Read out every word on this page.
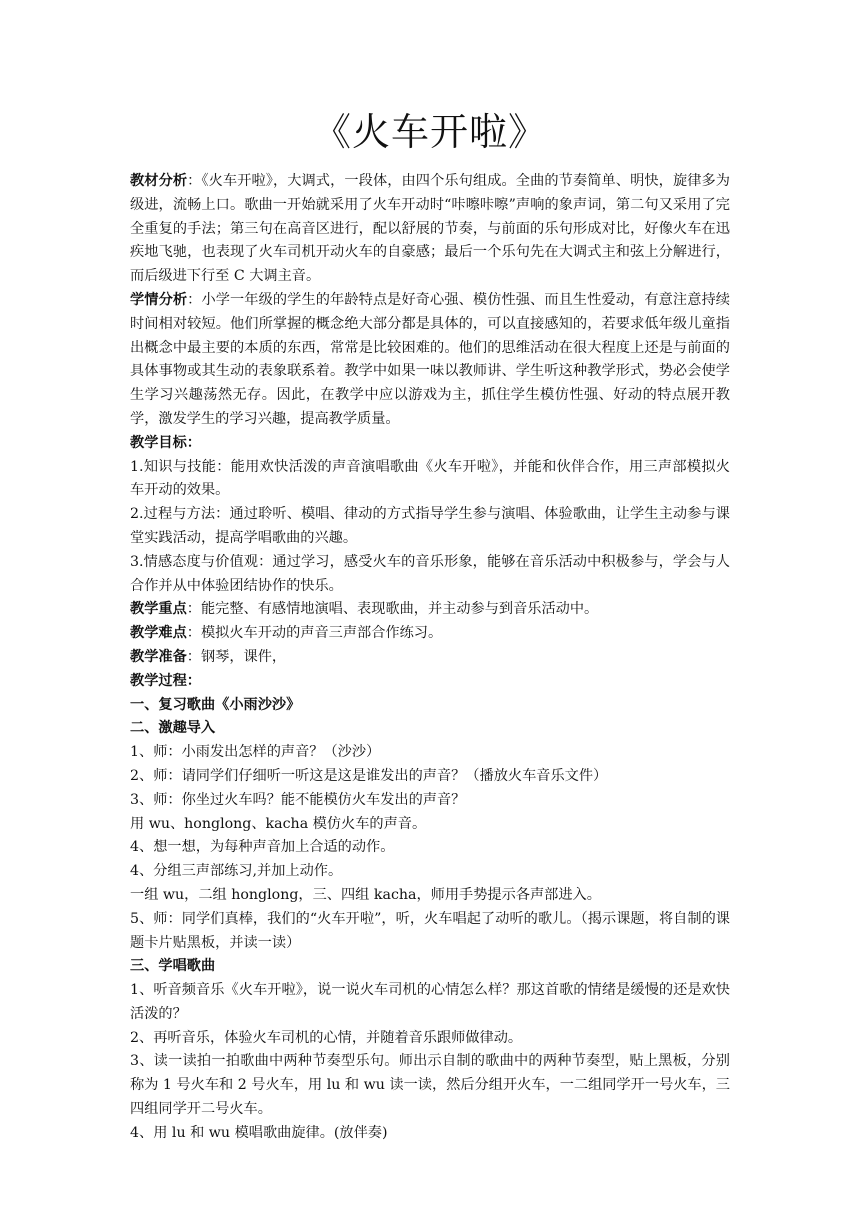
《火车开啦》

教材分析：《火车开啦》，大调式，一段体，由四个乐句组成。全曲的节奏简单、明快，旋律多为级进，流畅上口。歌曲一开始就采用了火车开动时“咔嚓咔嚓”声响的象声词，第二句又采用了完全重复的手法；第三句在高音区进行，配以舒展的节奏，与前面的乐句形成对比，好像火车在迅疾地飞驰，也表现了火车司机开动火车的自豪感；最后一个乐句先在大调式主和弦上分解进行，而后级进下行至 C 大调主音。

学情分析：小学一年级的学生的年龄特点是好奇心强、模仿性强、而且生性爱动，有意注意持续时间相对较短。他们所掌握的概念绝大部分都是具体的，可以直接感知的，若要求低年级儿童指出概念中最主要的本质的东西，常常是比较困难的。他们的思维活动在很大程度上还是与前面的具体事物或其生动的表象联系着。教学中如果一味以教师讲、学生听这种教学形式，势必会使学生学习兴趣荡然无存。因此，在教学中应以游戏为主，抓住学生模仿性强、好动的特点展开教学，激发学生的学习兴趣，提高教学质量。

教学目标：

1.知识与技能：能用欢快活泼的声音演唱歌曲《火车开啦》，并能和伙伴合作，用三声部模拟火车开动的效果。

2.过程与方法：通过聆听、模唱、律动的方式指导学生参与演唱、体验歌曲，让学生主动参与课堂实践活动，提高学唱歌曲的兴趣。

3.情感态度与价值观：通过学习，感受火车的音乐形象，能够在音乐活动中积极参与，学会与人合作并从中体验团结协作的快乐。

教学重点：能完整、有感情地演唱、表现歌曲，并主动参与到音乐活动中。

教学难点：模拟火车开动的声音三声部合作练习。

教学准备：钢琴，课件，

教学过程：

一、复习歌曲《小雨沙沙》

二、激趣导入

1、师：小雨发出怎样的声音？（沙沙）

2、师：请同学们仔细听一听这是这是谁发出的声音？（播放火车音乐文件）

3、师：你坐过火车吗？能不能模仿火车发出的声音？

用 wu、honglong、kacha 模仿火车的声音。

4、想一想，为每种声音加上合适的动作。

4、分组三声部练习,并加上动作。

一组 wu，二组 honglong，三、四组 kacha，师用手势提示各声部进入。

5、师：同学们真棒，我们的“火车开啦”，听，火车唱起了动听的歌儿。（揭示课题，将自制的课题卡片贴黑板，并读一读）

三、学唱歌曲

1、听音频音乐《火车开啦》，说一说火车司机的心情怎么样？那这首歌的情绪是缓慢的还是欢快活泼的？

2、再听音乐，体验火车司机的心情，并随着音乐跟师做律动。

3、读一读拍一拍歌曲中两种节奏型乐句。师出示自制的歌曲中的两种节奏型，贴上黑板，分别称为 1 号火车和 2 号火车，用 lu 和 wu 读一读，然后分组开火车，一二组同学开一号火车，三四组同学开二号火车。

4、用 lu 和 wu 模唱歌曲旋律。(放伴奏)
